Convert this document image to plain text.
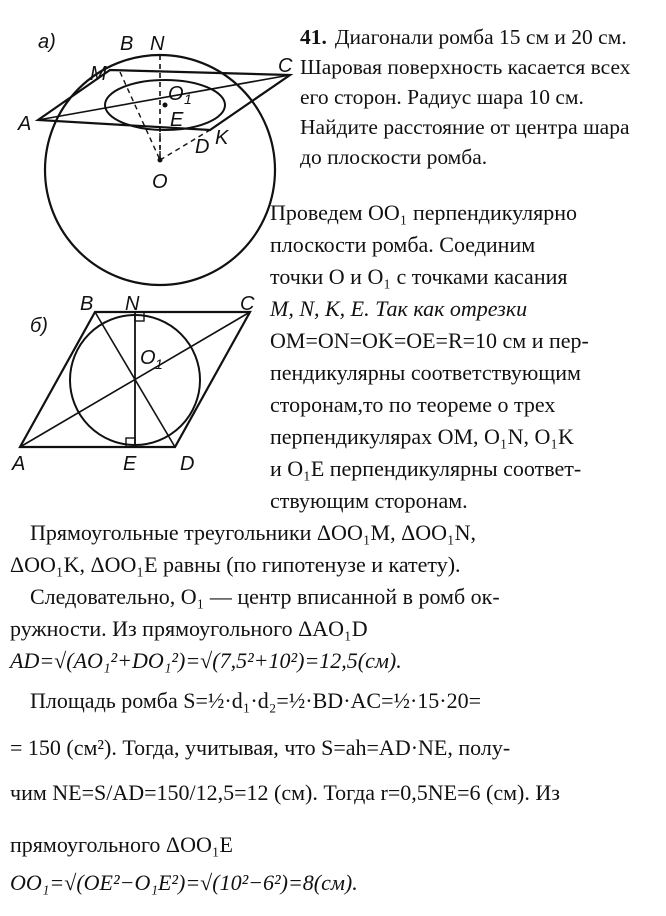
а)	B N
M	C
O 1
E
A
D K
O
б)
B N	C
O 1
A	E D
41. Диагонали ромба 15 см и 20 см. Шаровая поверхность касается всех его сторон. Радиус шара 10 см. Найдите расстояние от центра шара до плоскости ромба.
Проведем OO₁ перпендикулярно
плоскости ромба. Соединим
точки O и O₁ с точками касания
M, N, K, E. Так как отрезки
OM=ON=OK=OE=R=10 см и пер-
пендикулярны соответствующим
сторонам,то по теореме о трех
перпендикулярах OM, O₁N, O₁K
и O₁E перпендикулярны соответ-
ствующим сторонам.
Прямоугольные треугольники ΔOO₁M, ΔOO₁N,
ΔOO₁K, ΔOO₁E равны (по гипотенузе и катету).
Следовательно, O₁ — центр вписанной в ромб ок-
ружности. Из прямоугольного ΔAO₁D
AD=√(AO₁²+DO₁²)=√(7,5²+10²)=12,5(см).
Площадь ромба S=½·d₁·d₂=½·BD·AC=½·15·20=
= 150 (см²). Тогда, учитывая, что S=ah=AD·NE, полу-
чим NE=S/AD=150/12,5=12 (см). Тогда r=0,5NE=6 (см). Из
прямоугольного ΔOO₁E
OO₁=√(OE²−O₁E²)=√(10²−6²)=8(см).
